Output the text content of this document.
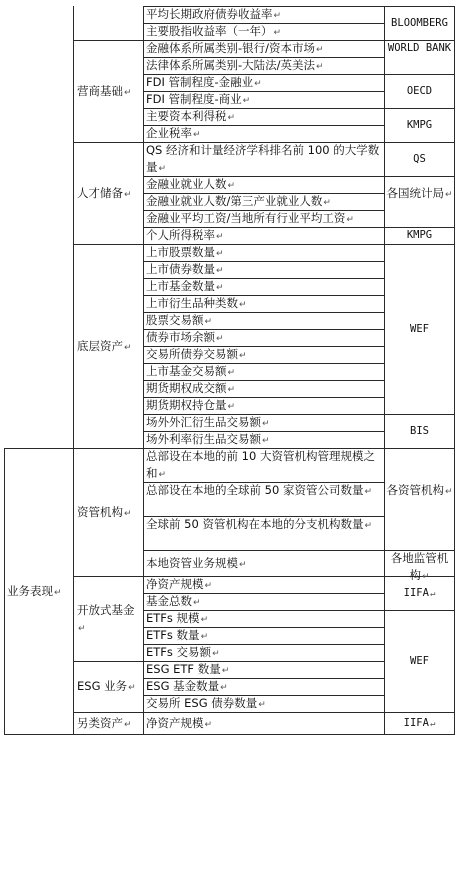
平均长期政府债券收益率↵
主要股指收益率（一年）↵
金融体系所属类别-银行/资本市场↵
法律体系所属类别-大陆法/英美法↵
FDI 管制程度-金融业↵
FDI 管制程度-商业↵
主要资本利得税↵
企业税率↵
QS 经济和计量经济学科排名前 100 的大学数量↵
金融业就业人数↵
金融业就业人数/第三产业就业人数↵
金融业平均工资/当地所有行业平均工资↵
个人所得税率↵
上市股票数量↵
上市债券数量↵
上市基金数量↵
上市衍生品种类数↵
股票交易额↵
债券市场余额↵
交易所债券交易额↵
上市基金交易额↵
期货期权成交额↵
期货期权持仓量↵
场外外汇衍生品交易额↵
场外利率衍生品交易额↵
总部设在本地的前 10 大资管机构管理规模之和↵
总部设在本地的全球前 50 家资管公司数量↵
全球前 50 资管机构在本地的分支机构数量↵
本地资管业务规模↵
净资产规模↵
基金总数↵
ETFs 规模↵
ETFs 数量↵
ETFs 交易额↵
ESG ETF 数量↵
ESG 基金数量↵
交易所 ESG 债券数量↵
净资产规模↵
营商基础↵
人才储备↵
底层资产↵
资管机构↵
开放式基金↵
ESG 业务↵
另类资产↵
业务表现↵
BLOOMBERG
WORLD BANK
OECD
KMPG
QS
各国统计局↵
KMPG
WEF
BIS
各资管机构↵
各地监管机构↵
IIFA↵
WEF
IIFA↵
